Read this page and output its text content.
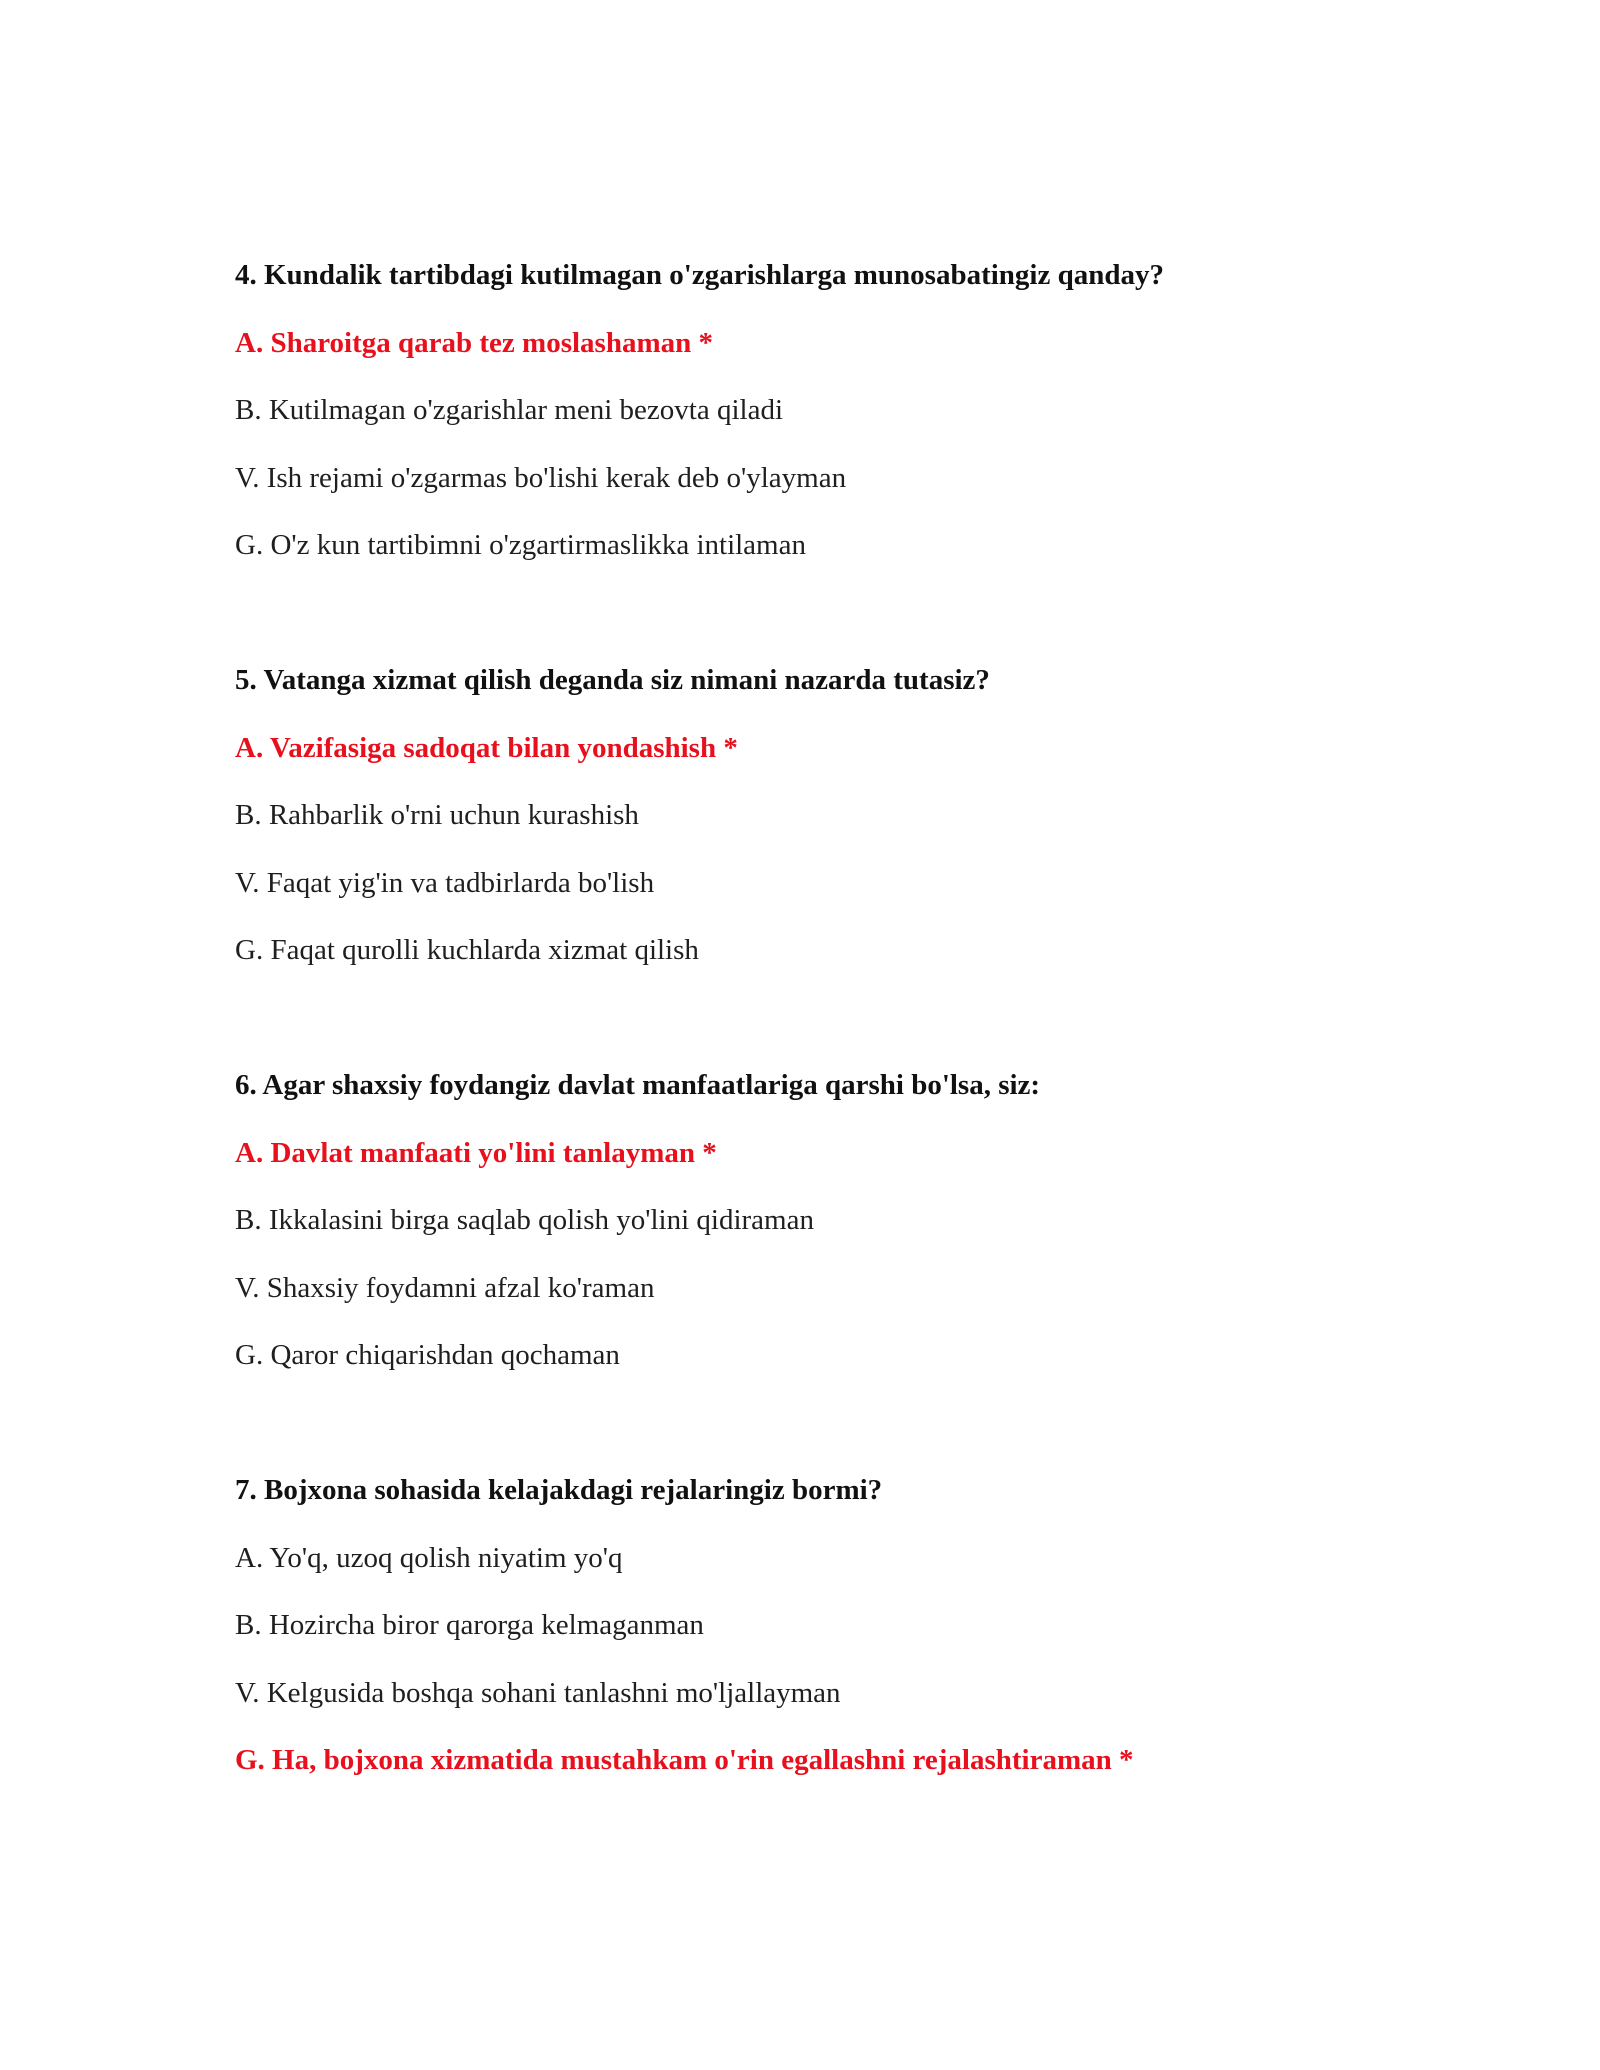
4. Kundalik tartibdagi kutilmagan o'zgarishlarga munosabatingiz qanday?
A. Sharoitga qarab tez moslashaman *
B. Kutilmagan o'zgarishlar meni bezovta qiladi
V. Ish rejami o'zgarmas bo'lishi kerak deb o'ylayman
G. O'z kun tartibimni o'zgartirmaslikka intilaman
5. Vatanga xizmat qilish deganda siz nimani nazarda tutasiz?
A. Vazifasiga sadoqat bilan yondashish *
B. Rahbarlik o'rni uchun kurashish
V. Faqat yig'in va tadbirlarda bo'lish
G. Faqat qurolli kuchlarda xizmat qilish
6. Agar shaxsiy foydangiz davlat manfaatlariga qarshi bo'lsa, siz:
A. Davlat manfaati yo'lini tanlayman *
B. Ikkalasini birga saqlab qolish yo'lini qidiraman
V. Shaxsiy foydamni afzal ko'raman
G. Qaror chiqarishdan qochaman
7. Bojxona sohasida kelajakdagi rejalaringiz bormi?
A. Yo'q, uzoq qolish niyatim yo'q
B. Hozircha biror qarorga kelmaganman
V. Kelgusida boshqa sohani tanlashni mo'ljallayman
G. Ha, bojxona xizmatida mustahkam o'rin egallashni rejalashtiraman *
